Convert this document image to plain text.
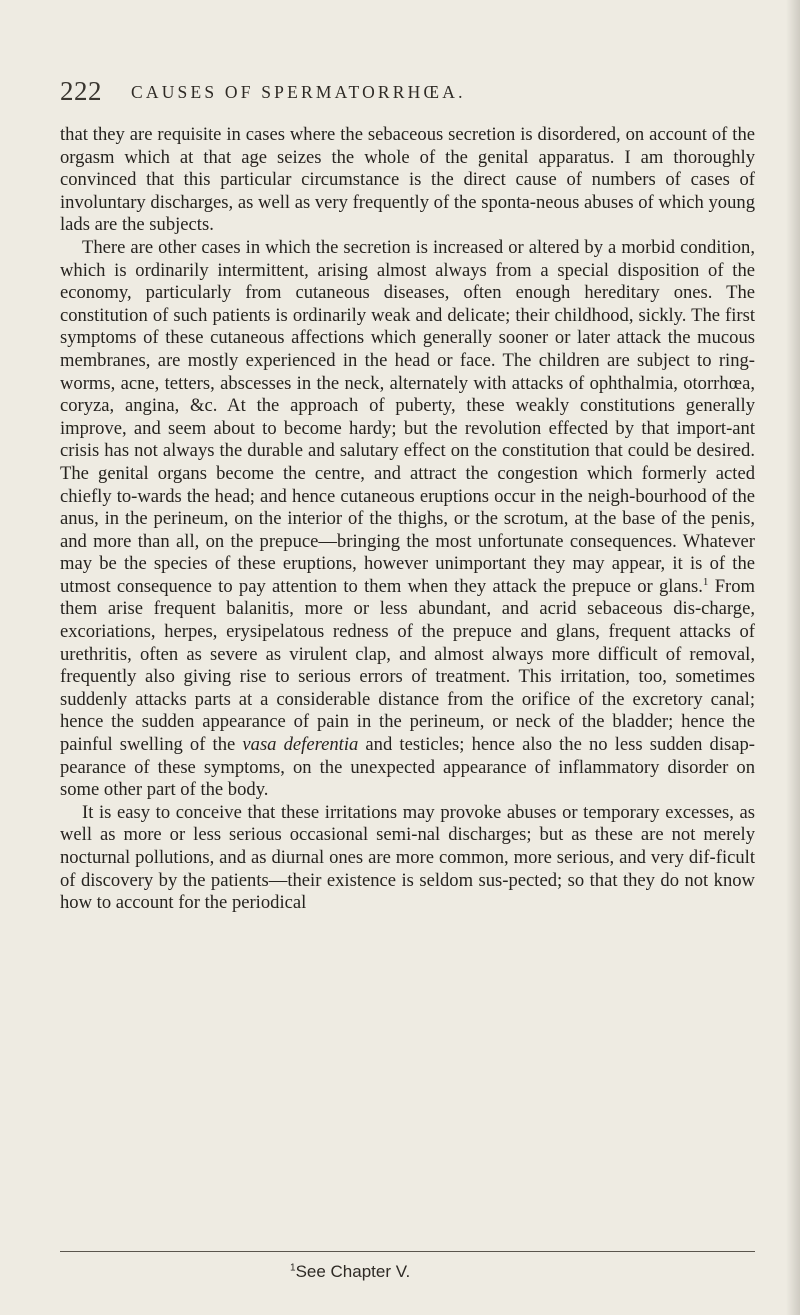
222 CAUSES OF SPERMATORRHŒA.

that they are requisite in cases where the sebaceous secretion is disordered, on account of the orgasm which at that age seizes the whole of the genital apparatus. I am thoroughly convinced that this particular circumstance is the direct cause of numbers of cases of involuntary discharges, as well as very frequently of the sponta-neous abuses of which young lads are the subjects.

There are other cases in which the secretion is increased or altered by a morbid condition, which is ordinarily intermittent, arising almost always from a special disposition of the economy, particularly from cutaneous diseases, often enough hereditary ones. The constitution of such patients is ordinarily weak and delicate; their childhood, sickly. The first symptoms of these cutaneous affections which generally sooner or later attack the mucous membranes, are mostly experienced in the head or face. The children are subject to ring-worms, acne, tetters, abscesses in the neck, alternately with attacks of ophthalmia, otorrhœa, coryza, angina, &c. At the approach of puberty, these weakly constitutions generally improve, and seem about to become hardy; but the revolution effected by that import-ant crisis has not always the durable and salutary effect on the constitution that could be desired. The genital organs become the centre, and attract the congestion which formerly acted chiefly to-wards the head; and hence cutaneous eruptions occur in the neigh-bourhood of the anus, in the perineum, on the interior of the thighs, or the scrotum, at the base of the penis, and more than all, on the prepuce—bringing the most unfortunate consequences. Whatever may be the species of these eruptions, however unimportant they may appear, it is of the utmost consequence to pay attention to them when they attack the prepuce or glans.$^1$ From them arise frequent balanitis, more or less abundant, and acrid sebaceous dis-charge, excoriations, herpes, erysipelatous redness of the prepuce and glans, frequent attacks of urethritis, often as severe as virulent clap, and almost always more difficult of removal, frequently also giving rise to serious errors of treatment. This irritation, too, sometimes suddenly attacks parts at a considerable distance from the orifice of the excretory canal; hence the sudden appearance of pain in the perineum, or neck of the bladder; hence the painful swelling of the vasa deferentia and testicles; hence also the no less sudden disap-pearance of these symptoms, on the unexpected appearance of inflammatory disorder on some other part of the body.

It is easy to conceive that these irritations may provoke abuses or temporary excesses, as well as more or less serious occasional semi-nal discharges; but as these are not merely nocturnal pollutions, and as diurnal ones are more common, more serious, and very dif-ficult of discovery by the patients—their existence is seldom sus-pected; so that they do not know how to account for the periodical

$^1$See Chapter V.
